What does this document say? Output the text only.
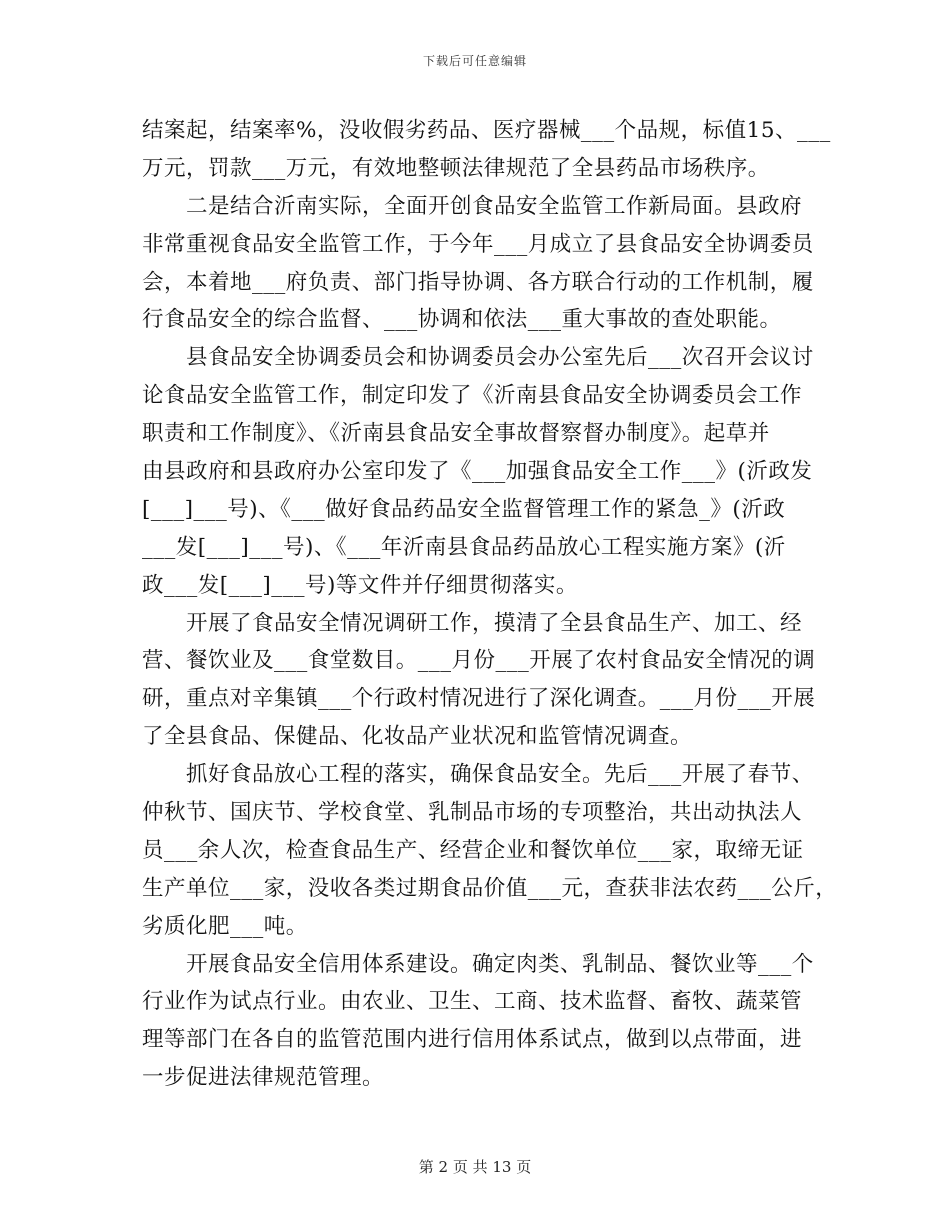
下载后可任意编辑
结案起，结案率%，没收假劣药品、医疗器械___个品规，标值15、___
万元，罚款___万元，有效地整顿法律规范了全县药品市场秩序。
二是结合沂南实际，全面开创食品安全监管工作新局面。县政府
非常重视食品安全监管工作，于今年___月成立了县食品安全协调委员
会，本着地___府负责、部门指导协调、各方联合行动的工作机制，履
行食品安全的综合监督、___协调和依法___重大事故的查处职能。
县食品安全协调委员会和协调委员会办公室先后___次召开会议讨
论食品安全监管工作，制定印发了《沂南县食品安全协调委员会工作
职责和工作制度》、《沂南县食品安全事故督察督办制度》。起草并
由县政府和县政府办公室印发了《___加强食品安全工作___》(沂政发
[___]___号)、《___做好食品药品安全监督管理工作的紧急_》(沂政
___发[___]___号)、《___年沂南县食品药品放心工程实施方案》(沂
政___发[___]___号)等文件并仔细贯彻落实。
开展了食品安全情况调研工作，摸清了全县食品生产、加工、经
营、餐饮业及___食堂数目。___月份___开展了农村食品安全情况的调
研，重点对辛集镇___个行政村情况进行了深化调查。___月份___开展
了全县食品、保健品、化妆品产业状况和监管情况调查。
抓好食品放心工程的落实，确保食品安全。先后___开展了春节、
仲秋节、国庆节、学校食堂、乳制品市场的专项整治，共出动执法人
员___余人次，检查食品生产、经营企业和餐饮单位___家，取缔无证
生产单位___家，没收各类过期食品价值___元，查获非法农药___公斤，
劣质化肥___吨。
开展食品安全信用体系建设。确定肉类、乳制品、餐饮业等___个
行业作为试点行业。由农业、卫生、工商、技术监督、畜牧、蔬菜管
理等部门在各自的监管范围内进行信用体系试点，做到以点带面，进
一步促进法律规范管理。
第 2 页 共 13 页
